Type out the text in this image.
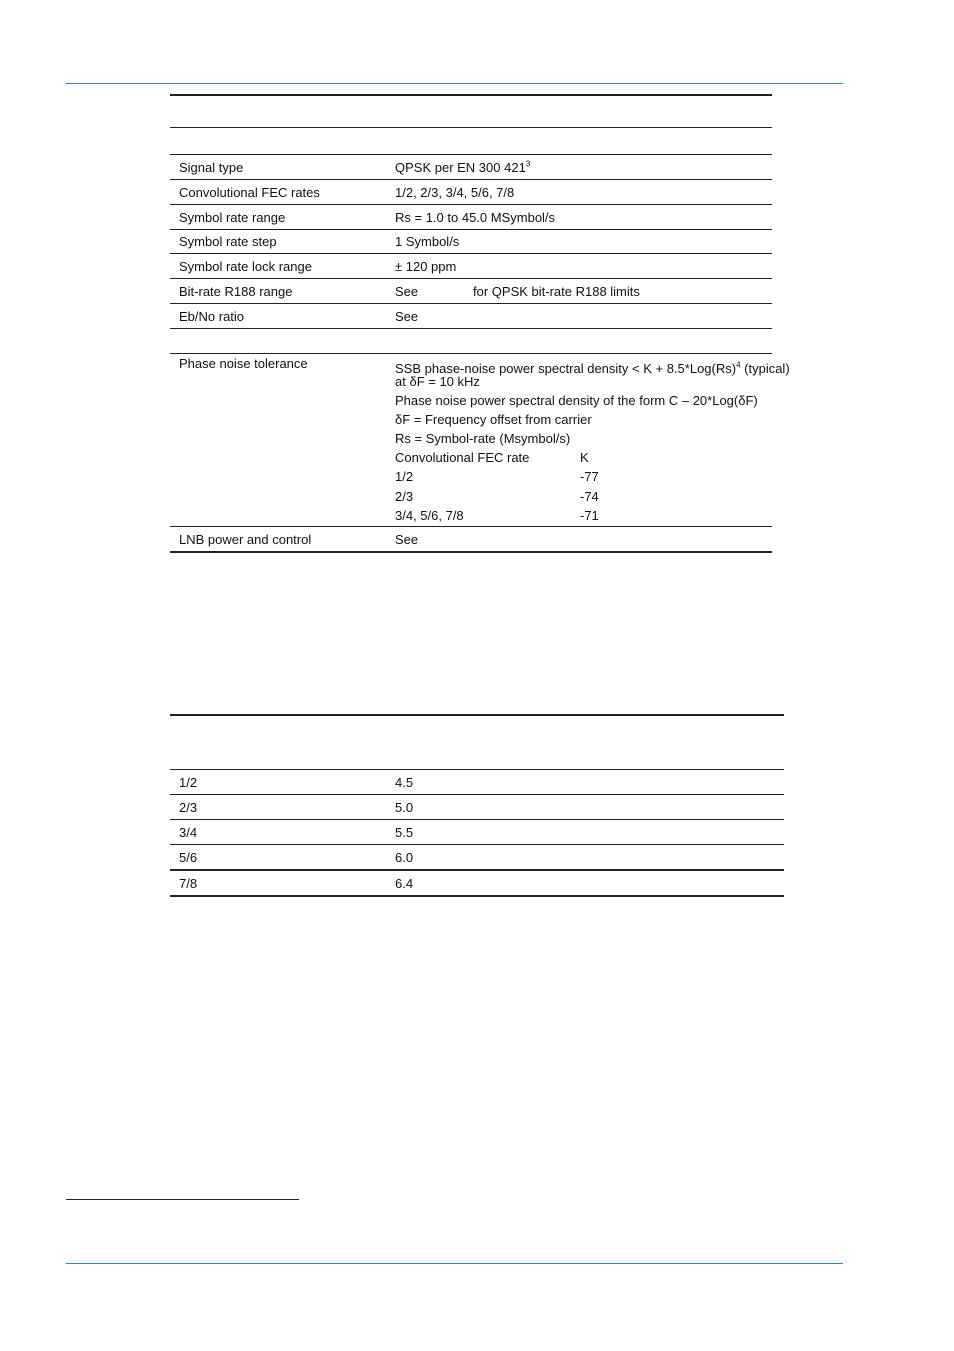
Signal type	QPSK per EN 300 $421^3$
Convolutional FEC rates	1/2, 2/3, 3/4, 5/6, 7/8
Symbol rate range	Rs = 1.0 to 45.0 MSymbol/s
Symbol rate step	1 Symbol/s
Symbol rate lock range	± 120 ppm
Bit-rate R188 range	See	for QPSK bit-rate R188 limits
Eb/No ratio	See
Phase noise tolerance	SSB phase-noise power spectral density < $K + 8.5*Log(Rs)^4$ (typical)
at δF = 10 kHz
Phase noise power spectral density of the form C – 20*Log(δF)
δF = Frequency offset from carrier
Rs = Symbol-rate (Msymbol/s)
Convolutional FEC rate	K
1/2	-77
2/3	-74
3/4, 5/6, 7/8	-71
LNB power and control	See
1/2	4.5
2/3	5.0
3/4	5.5
5/6	6.0
7/8	6.4
